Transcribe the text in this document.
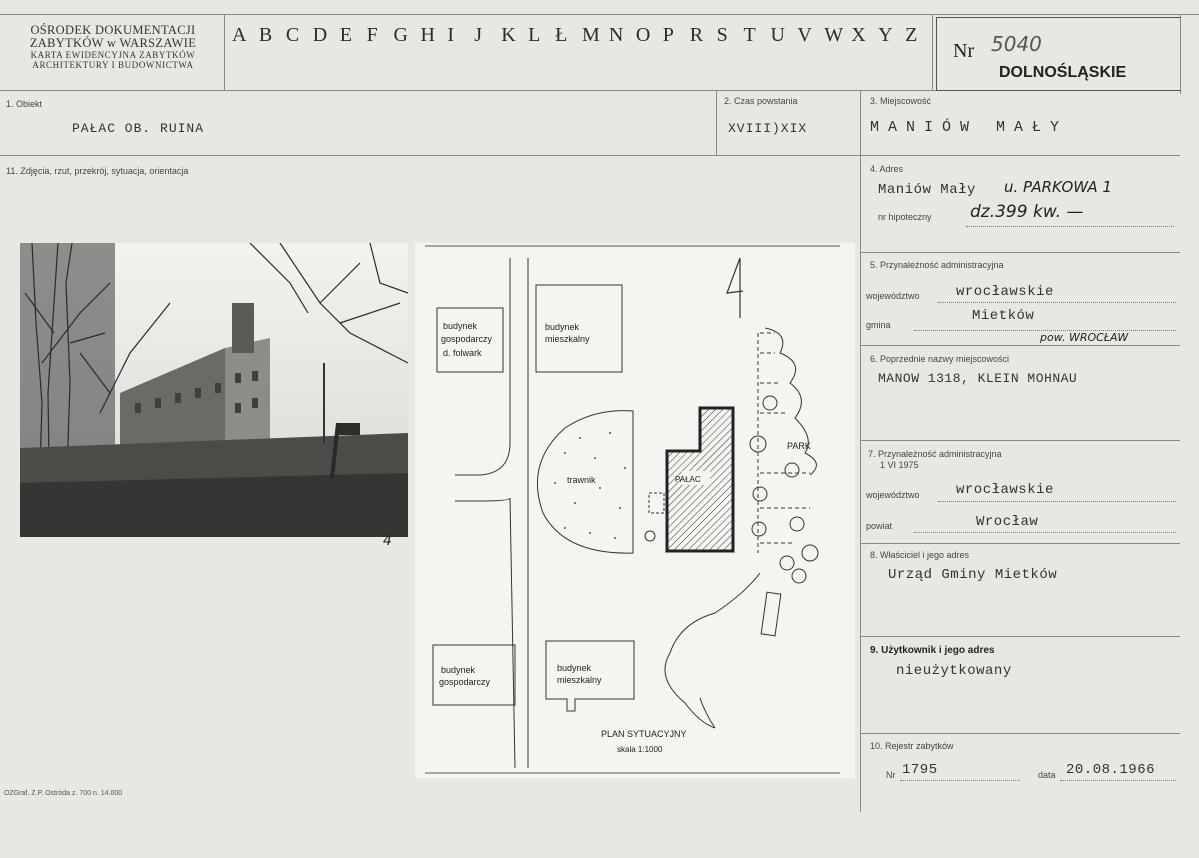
OŚRODEK DOKUMENTACJI
ZABYTKÓW w WARSZAWIE
KARTA EWIDENCYJNA ZABYTKÓW
ARCHITEKTURY I BUDOWNICTWA
A B C D E F G H I J K L Ł M N O P R S T U V W X Y Z
Nr 5040
DOLNOŚLĄSKIE
1. Obiekt
PAŁAC OB. RUINA
2. Czas powstania
XVIII)XIX
3. Miejscowość
MANIÓW MAŁY
11. Zdjęcia, rzut, przekrój, sytuacja, orientacja	4. Adres
Maniów Mały u. PARKOWA 1
nr hipoteczny dz.399 kw. —
5. Przynależność administracyjna
województwo	wrocławskie
gmina
Mietków
pow. WROCŁAW
6. Poprzednie nazwy miejscowości
MANOW 1318, KLEIN MOHNAU
7. Przynależność administracyjna
1 VI 1975
województwo	wrocławskie
powiat	Wrocław
8. Właściciel i jego adres
Urząd Gminy Mietków
9. Użytkownik i jego adres
nieużytkowany
10. Rejestr zabytków
Nr 1795	data 20.08.1966
OZGraf. Z.P. Ostróda z. 700 n. 14.000
4
budynek
gospodarczy
d. folwark
budynek
mieszkalny
budynek
gospodarczy
budynek
mieszkalny
trawnik	PAŁAC
PARK
PLAN SYTUACYJNY
skala 1:1000
